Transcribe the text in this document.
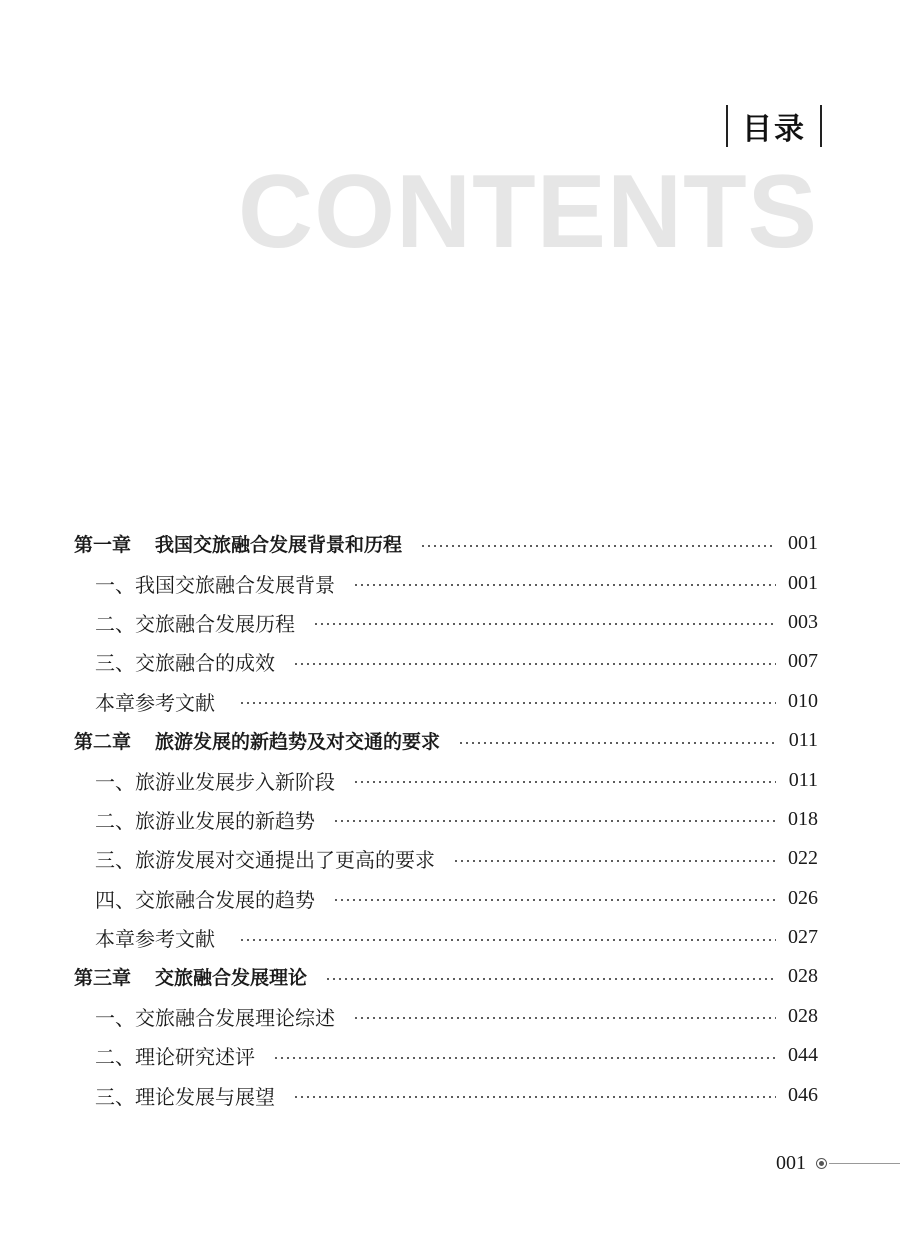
目录
CONTENTS
第一章 我国交旅融合发展背景和历程	001
一、我国交旅融合发展背景	001
二、交旅融合发展历程	003
三、交旅融合的成效	007
本章参考文献	010
第二章 旅游发展的新趋势及对交通的要求	011
一、旅游业发展步入新阶段	011
二、旅游业发展的新趋势	018
三、旅游发展对交通提出了更高的要求	022
四、交旅融合发展的趋势	026
本章参考文献	027
第三章 交旅融合发展理论	028
一、交旅融合发展理论综述	028
二、理论研究述评	044
三、理论发展与展望	046
001
